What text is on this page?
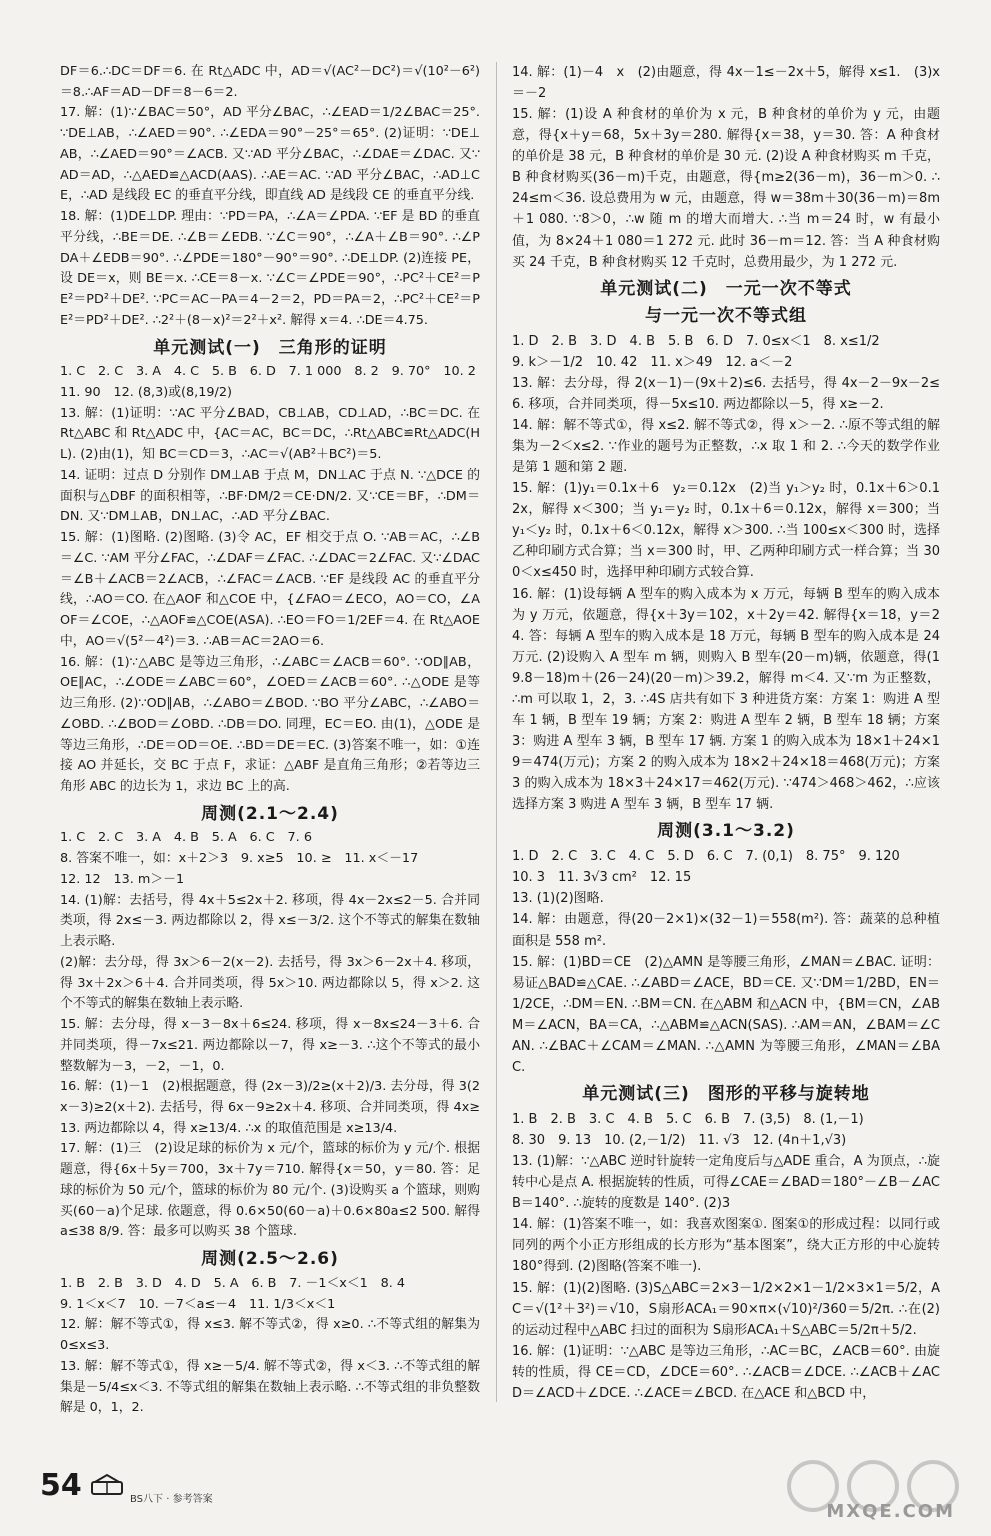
DF＝6.∴DC＝DF＝6. 在 Rt△ADC 中，AD＝√(AC²－DC²)＝√(10²－6²)＝8.∴AF＝AD－DF＝8－6＝2.

17. 解：(1)∵∠BAC＝50°，AD 平分∠BAC，∴∠EAD＝1/2∠BAC＝25°. ∵DE⊥AB，∴∠AED＝90°. ∴∠EDA＝90°－25°＝65°. (2)证明：∵DE⊥AB，∴∠AED＝90°＝∠ACB. 又∵AD 平分∠BAC，∴∠DAE＝∠DAC. 又∵AD＝AD，∴△AED≌△ACD(AAS). ∴AE＝AC. ∵AD 平分∠BAC，∴AD⊥CE，∴AD 是线段 EC 的垂直平分线，即直线 AD 是线段 CE 的垂直平分线.

18. 解：(1)DE⊥DP. 理由：∵PD＝PA，∴∠A＝∠PDA. ∵EF 是 BD 的垂直平分线，∴BE＝DE. ∴∠B＝∠EDB. ∵∠C＝90°，∴∠A＋∠B＝90°. ∴∠PDA＋∠EDB＝90°. ∴∠PDE＝180°－90°＝90°. ∴DE⊥DP. (2)连接 PE，设 DE＝x，则 BE＝x. ∴CE＝8－x. ∵∠C＝∠PDE＝90°，∴PC²＋CE²＝PE²＝PD²＋DE². ∵PC＝AC－PA＝4－2＝2，PD＝PA＝2，∴PC²＋CE²＝PE²＝PD²＋DE². ∴2²＋(8－x)²＝2²＋x². 解得 x＝4. ∴DE＝4.75.

单元测试(一)　三角形的证明

1. C　2. C　3. A　4. C　5. B　6. D　7. 1 000　8. 2　9. 70°　10. 2

11. 90　12. (8,3)或(8,19/2)

13. 解：(1)证明：∵AC 平分∠BAD，CB⊥AB，CD⊥AD，∴BC＝DC. 在 Rt△ABC 和 Rt△ADC 中，{AC＝AC，BC＝DC，∴Rt△ABC≌Rt△ADC(HL). (2)由(1)，知 BC＝CD＝3，∴AC＝√(AB²＋BC²)＝5.

14. 证明：过点 D 分别作 DM⊥AB 于点 M，DN⊥AC 于点 N. ∵△DCE 的面积与△DBF 的面积相等，∴BF·DM/2＝CE·DN/2. 又∵CE＝BF，∴DM＝DN. 又∵DM⊥AB，DN⊥AC，∴AD 平分∠BAC.

15. 解：(1)图略. (2)图略. (3)令 AC，EF 相交于点 O. ∵AB＝AC，∴∠B＝∠C. ∵AM 平分∠FAC，∴∠DAF＝∠FAC. ∴∠DAC＝2∠FAC. 又∵∠DAC＝∠B＋∠ACB＝2∠ACB，∴∠FAC＝∠ACB. ∵EF 是线段 AC 的垂直平分线，∴AO＝CO. 在△AOF 和△COE 中，{∠FAO＝∠ECO，AO＝CO，∠AOF＝∠COE，∴△AOF≌△COE(ASA). ∴EO＝FO＝1/2EF＝4. 在 Rt△AOE 中，AO＝√(5²－4²)＝3. ∴AB＝AC＝2AO＝6.

16. 解：(1)∵△ABC 是等边三角形，∴∠ABC＝∠ACB＝60°. ∵OD∥AB，OE∥AC，∴∠ODE＝∠ABC＝60°，∠OED＝∠ACB＝60°. ∴△ODE 是等边三角形. (2)∵OD∥AB，∴∠ABO＝∠BOD. ∵BO 平分∠ABC，∴∠ABO＝∠OBD. ∴∠BOD＝∠OBD. ∴DB＝DO. 同理，EC＝EO. 由(1)，△ODE 是等边三角形，∴DE＝OD＝OE. ∴BD＝DE＝EC. (3)答案不唯一，如：①连接 AO 并延长，交 BC 于点 F，求证：△ABF 是直角三角形；②若等边三角形 ABC 的边长为 1，求边 BC 上的高.

周测(2.1～2.4)

1. C　2. C　3. A　4. B　5. A　6. C　7. 6

8. 答案不唯一，如：x＋2＞3　9. x≥5　10. ≥　11. x＜－17

12. 12　13. m＞－1

14. (1)解：去括号，得 4x＋5≤2x＋2. 移项，得 4x－2x≤2－5. 合并同类项，得 2x≤－3. 两边都除以 2，得 x≤－3/2. 这个不等式的解集在数轴上表示略.

(2)解：去分母，得 3x＞6－2(x－2). 去括号，得 3x＞6－2x＋4. 移项，得 3x＋2x＞6＋4. 合并同类项，得 5x＞10. 两边都除以 5，得 x＞2. 这个不等式的解集在数轴上表示略.

15. 解：去分母，得 x－3－8x＋6≤24. 移项，得 x－8x≤24－3＋6. 合并同类项，得－7x≤21. 两边都除以－7，得 x≥－3. ∴这个不等式的最小整数解为－3，－2，－1，0.

16. 解：(1)－1　(2)根据题意，得 (2x－3)/2≥(x＋2)/3. 去分母，得 3(2x－3)≥2(x＋2). 去括号，得 6x－9≥2x＋4. 移项、合并同类项，得 4x≥13. 两边都除以 4，得 x≥13/4. ∴x 的取值范围是 x≥13/4.

17. 解：(1)三　(2)设足球的标价为 x 元/个，篮球的标价为 y 元/个. 根据题意，得{6x＋5y＝700，3x＋7y＝710. 解得{x＝50，y＝80. 答：足球的标价为 50 元/个，篮球的标价为 80 元/个. (3)设购买 a 个篮球，则购买(60－a)个足球. 依题意，得 0.6×50(60－a)＋0.6×80a≤2 500. 解得 a≤38 8/9. 答：最多可以购买 38 个篮球.

周测(2.5～2.6)

1. B　2. B　3. D　4. D　5. A　6. B　7. －1＜x＜1　8. 4

9. 1＜x＜7　10. －7＜a≤－4　11. 1/3＜x＜1

12. 解：解不等式①，得 x≤3. 解不等式②，得 x≥0. ∴不等式组的解集为 0≤x≤3.

13. 解：解不等式①，得 x≥－5/4. 解不等式②，得 x＜3. ∴不等式组的解集是－5/4≤x＜3. 不等式组的解集在数轴上表示略. ∴不等式组的非负整数解是 0，1，2.

14. 解：(1)－4　x　(2)由题意，得 4x－1≤－2x＋5，解得 x≤1.　(3)x＝－2

15. 解：(1)设 A 种食材的单价为 x 元，B 种食材的单价为 y 元，由题意，得{x＋y＝68，5x＋3y＝280. 解得{x＝38，y＝30. 答：A 种食材的单价是 38 元，B 种食材的单价是 30 元. (2)设 A 种食材购买 m 千克，B 种食材购买(36－m)千克，由题意，得{m≥2(36－m)，36－m＞0. ∴24≤m＜36. 设总费用为 w 元，由题意，得 w＝38m＋30(36－m)＝8m＋1 080. ∵8＞0，∴w 随 m 的增大而增大. ∴当 m＝24 时，w 有最小值，为 8×24＋1 080＝1 272 元. 此时 36－m＝12. 答：当 A 种食材购买 24 千克，B 种食材购买 12 千克时，总费用最少，为 1 272 元.

单元测试(二)　一元一次不等式
与一元一次不等式组

1. D　2. B　3. D　4. B　5. B　6. D　7. 0≤x＜1　8. x≤1/2

9. k＞－1/2　10. 42　11. x＞49　12. a＜－2

13. 解：去分母，得 2(x－1)－(9x＋2)≤6. 去括号，得 4x－2－9x－2≤6. 移项，合并同类项，得－5x≤10. 两边都除以－5，得 x≥－2.

14. 解：解不等式①，得 x≤2. 解不等式②，得 x＞－2. ∴原不等式组的解集为－2＜x≤2. ∵作业的题号为正整数，∴x 取 1 和 2. ∴今天的数学作业是第 1 题和第 2 题.

15. 解：(1)y₁＝0.1x＋6　y₂＝0.12x　(2)当 y₁＞y₂ 时，0.1x＋6＞0.12x，解得 x＜300；当 y₁＝y₂ 时，0.1x＋6＝0.12x，解得 x＝300；当 y₁＜y₂ 时，0.1x＋6＜0.12x，解得 x＞300. ∴当 100≤x＜300 时，选择乙种印刷方式合算；当 x＝300 时，甲、乙两种印刷方式一样合算；当 300＜x≤450 时，选择甲种印刷方式较合算.

16. 解：(1)设每辆 A 型车的购入成本为 x 万元，每辆 B 型车的购入成本为 y 万元，依题意，得{x＋3y＝102，x＋2y＝42. 解得{x＝18，y＝24. 答：每辆 A 型车的购入成本是 18 万元，每辆 B 型车的购入成本是 24 万元. (2)设购入 A 型车 m 辆，则购入 B 型车(20－m)辆，依题意，得(19.8－18)m＋(26－24)(20－m)＞39.2，解得 m＜4. 又∵m 为正整数，∴m 可以取 1，2，3. ∴4S 店共有如下 3 种进货方案：方案 1：购进 A 型车 1 辆，B 型车 19 辆；方案 2：购进 A 型车 2 辆，B 型车 18 辆；方案 3：购进 A 型车 3 辆，B 型车 17 辆. 方案 1 的购入成本为 18×1＋24×19＝474(万元)；方案 2 的购入成本为 18×2＋24×18＝468(万元)；方案 3 的购入成本为 18×3＋24×17＝462(万元). ∵474＞468＞462，∴应该选择方案 3 购进 A 型车 3 辆，B 型车 17 辆.

周测(3.1～3.2)

1. D　2. C　3. C　4. C　5. D　6. C　7. (0,1)　8. 75°　9. 120

10. 3　11. 3√3 cm²　12. 15

13. (1)(2)图略.

14. 解：由题意，得(20－2×1)×(32－1)＝558(m²). 答：蔬菜的总种植面积是 558 m².

15. 解：(1)BD＝CE　(2)△AMN 是等腰三角形，∠MAN＝∠BAC. 证明：易证△BAD≌△CAE. ∴∠ABD＝∠ACE，BD＝CE. 又∵DM＝1/2BD，EN＝1/2CE，∴DM＝EN. ∴BM＝CN. 在△ABM 和△ACN 中，{BM＝CN，∠ABM＝∠ACN，BA＝CA，∴△ABM≌△ACN(SAS). ∴AM＝AN，∠BAM＝∠CAN. ∴∠BAC＋∠CAM＝∠MAN. ∴△AMN 为等腰三角形，∠MAN＝∠BAC.

单元测试(三)　图形的平移与旋转地

1. B　2. B　3. C　4. B　5. C　6. B　7. (3,5)　8. (1,－1)

8. 30　9. 13　10. (2,－1/2)　11. √3　12. (4n＋1,√3)

13. (1)解：∵△ABC 逆时针旋转一定角度后与△ADE 重合，A 为顶点，∴旋转中心是点 A. 根据旋转的性质，可得∠CAE＝∠BAD＝180°－∠B－∠ACB＝140°. ∴旋转的度数是 140°. (2)3

14. 解：(1)答案不唯一，如：我喜欢图案①. 图案①的形成过程：以同行或同列的两个小正方形组成的长方形为“基本图案”，绕大正方形的中心旋转 180°得到. (2)图略(答案不唯一).

15. 解：(1)(2)图略. (3)S△ABC＝2×3－1/2×2×1－1/2×3×1＝5/2，AC＝√(1²＋3²)＝√10，S扇形ACA₁＝90×π×(√10)²/360＝5/2π. ∴在(2)的运动过程中△ABC 扫过的面积为 S扇形ACA₁＋S△ABC＝5/2π＋5/2.

16. 解：(1)证明：∵△ABC 是等边三角形，∴AC＝BC，∠ACB＝60°. 由旋转的性质，得 CE＝CD，∠DCE＝60°. ∴∠ACB＝∠DCE. ∴∠ACB＋∠ACD＝∠ACD＋∠DCE. ∴∠ACE＝∠BCD. 在△ACE 和△BCD 中，

54	BS八下 · 参考答案
MXQE.COM
